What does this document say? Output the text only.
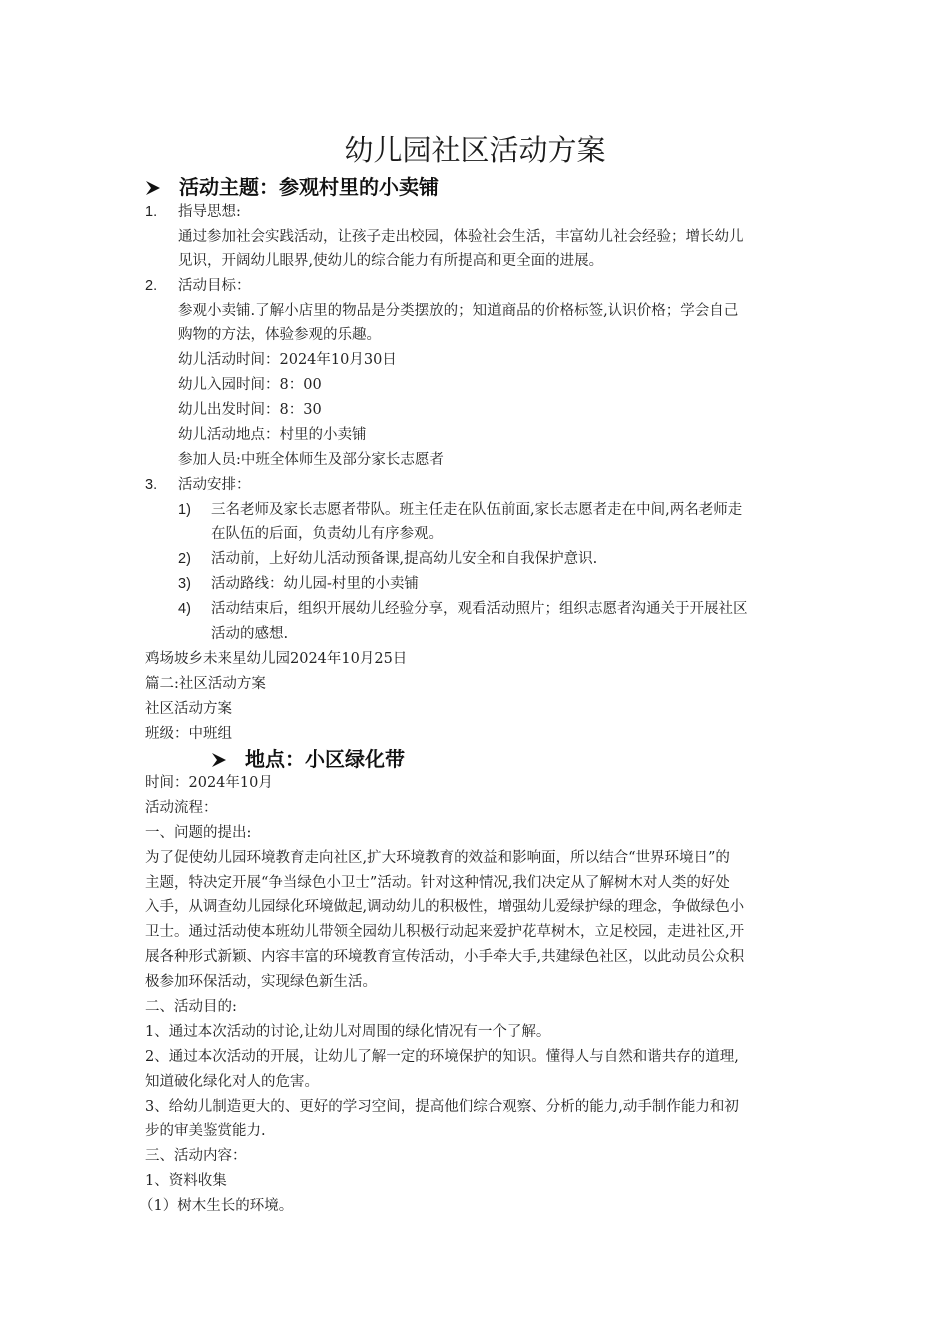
幼儿园社区活动方案
活动主题：参观村里的小卖铺
1. 指导思想:
通过参加社会实践活动，让孩子走出校园，体验社会生活，丰富幼儿社会经验；增长幼儿
见识，开阔幼儿眼界,使幼儿的综合能力有所提高和更全面的进展。
2. 活动目标：
参观小卖铺.了解小店里的物品是分类摆放的；知道商品的价格标签,认识价格；学会自己
购物的方法，体验参观的乐趣。
幼儿活动时间：2024年10月30日
幼儿入园时间：8：00
幼儿出发时间：8：30
幼儿活动地点：村里的小卖铺
参加人员:中班全体师生及部分家长志愿者
3. 活动安排：
1) 三名老师及家长志愿者带队。班主任走在队伍前面,家长志愿者走在中间,两名老师走
在队伍的后面，负责幼儿有序参观。
2) 活动前，上好幼儿活动预备课,提高幼儿安全和自我保护意识.
3) 活动路线：幼儿园-村里的小卖铺
4) 活动结束后，组织开展幼儿经验分享，观看活动照片；组织志愿者沟通关于开展社区
活动的感想.
鸡场坡乡未来星幼儿园2024年10月25日
篇二:社区活动方案
社区活动方案
班级：中班组
地点：小区绿化带
时间：2024年10月
活动流程：
一、问题的提出:
为了促使幼儿园环境教育走向社区,扩大环境教育的效益和影响面，所以结合“世界环境日”的
主题，特决定开展“争当绿色小卫士”活动。针对这种情况,我们决定从了解树木对人类的好处
入手，从调查幼儿园绿化环境做起,调动幼儿的积极性，增强幼儿爱绿护绿的理念，争做绿色小
卫士。通过活动使本班幼儿带领全园幼儿积极行动起来爱护花草树木，立足校园，走进社区,开
展各种形式新颖、内容丰富的环境教育宣传活动，小手牵大手,共建绿色社区，以此动员公众积
极参加环保活动，实现绿色新生活。
二、活动目的:
1、通过本次活动的讨论,让幼儿对周围的绿化情况有一个了解。
2、通过本次活动的开展，让幼儿了解一定的环境保护的知识。懂得人与自然和谐共存的道理,
知道破化绿化对人的危害。
3、给幼儿制造更大的、更好的学习空间，提高他们综合观察、分析的能力,动手制作能力和初
步的审美鉴赏能力.
三、活动内容：
1、资料收集
（1）树木生长的环境。
